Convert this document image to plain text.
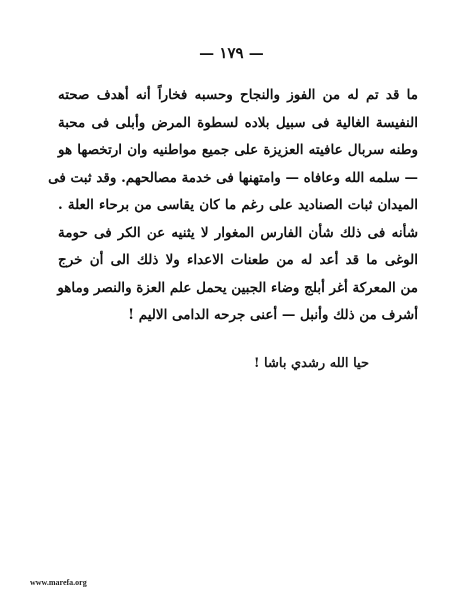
— ١٧٩ —
ما قد تم له من الفوز والنجاح وحسبه فخاراً أنه أهدف صحته
النفيسة الغالية فى سبيل بلاده لسطوة المرض وأبلى فى محبة
وطنه سربال عافيته العزيزة على جميع مواطنيه وان ارتخصها هو
— سلمه الله وعافاه — وامتهنها فى خدمة مصالحهم. وقد ثبت فى
الميدان ثبات الصناديد على رغم ما كان يقاسى من برحاء العلة .
شأنه فى ذلك شأن الفارس المغوار لا يثنيه عن الكر فى حومة
الوغى ما قد أعد له من طعنات الاعداء ولا ذلك الى أن خرج
من المعركة أغر أبلج وضاء الجبين يحمل علم العزة والنصر وماهو
أشرف من ذلك وأنبل — أعنى جرحه الدامى الاليم !
حيا الله رشدي باشا !
www.marefa.org
